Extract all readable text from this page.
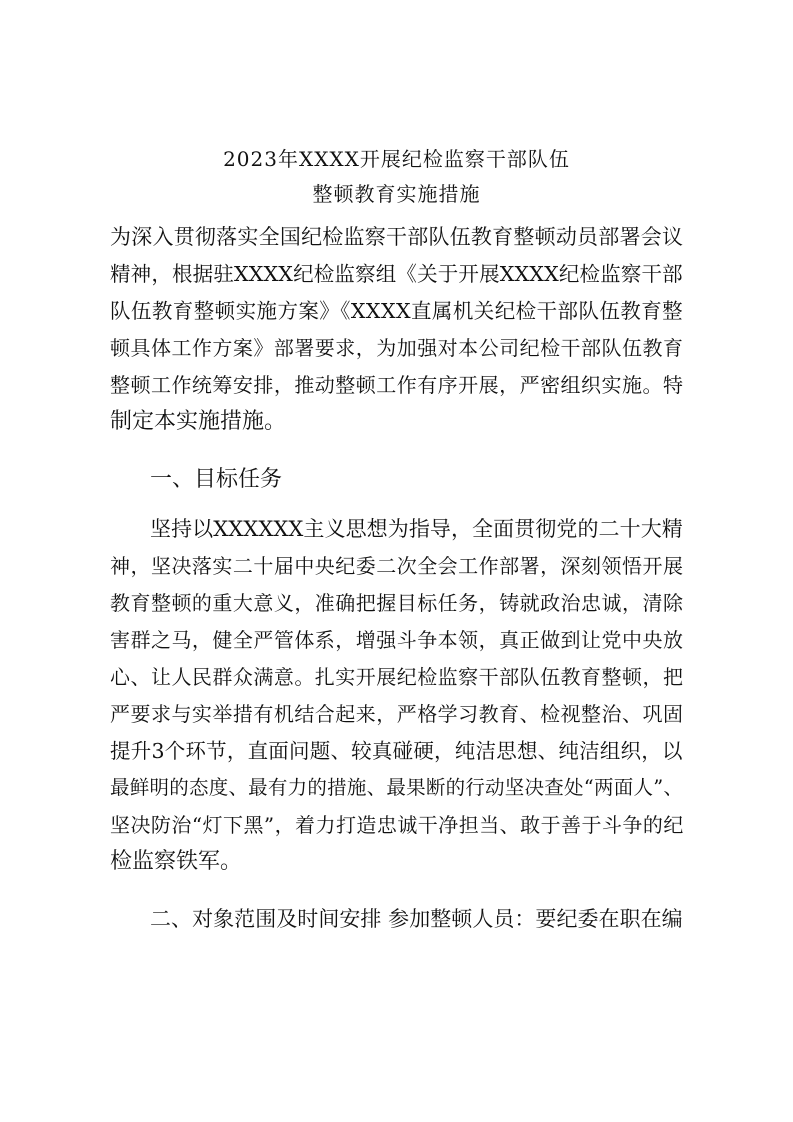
2023年XXXX开展纪检监察干部队伍
整顿教育实施措施
为深入贯彻落实全国纪检监察干部队伍教育整顿动员部署会议
精神，根据驻XXXX纪检监察组《关于开展XXXX纪检监察干部
队伍教育整顿实施方案》《XXXX直属机关纪检干部队伍教育整
顿具体工作方案》部署要求，为加强对本公司纪检干部队伍教育
整顿工作统筹安排，推动整顿工作有序开展，严密组织实施。特
制定本实施措施。
一、目标任务
坚持以XXXXXX主义思想为指导，全面贯彻党的二十大精
神，坚决落实二十届中央纪委二次全会工作部署，深刻领悟开展
教育整顿的重大意义，准确把握目标任务，铸就政治忠诚，清除
害群之马，健全严管体系，增强斗争本领，真正做到让党中央放
心、让人民群众满意。扎实开展纪检监察干部队伍教育整顿，把
严要求与实举措有机结合起来，严格学习教育、检视整治、巩固
提升3个环节，直面问题、较真碰硬，纯洁思想、纯洁组织，以
最鲜明的态度、最有力的措施、最果断的行动坚决查处“两面人”、
坚决防治“灯下黑”，着力打造忠诚干净担当、敢于善于斗争的纪
检监察铁军。
二、对象范围及时间安排 参加整顿人员：要纪委在职在编
